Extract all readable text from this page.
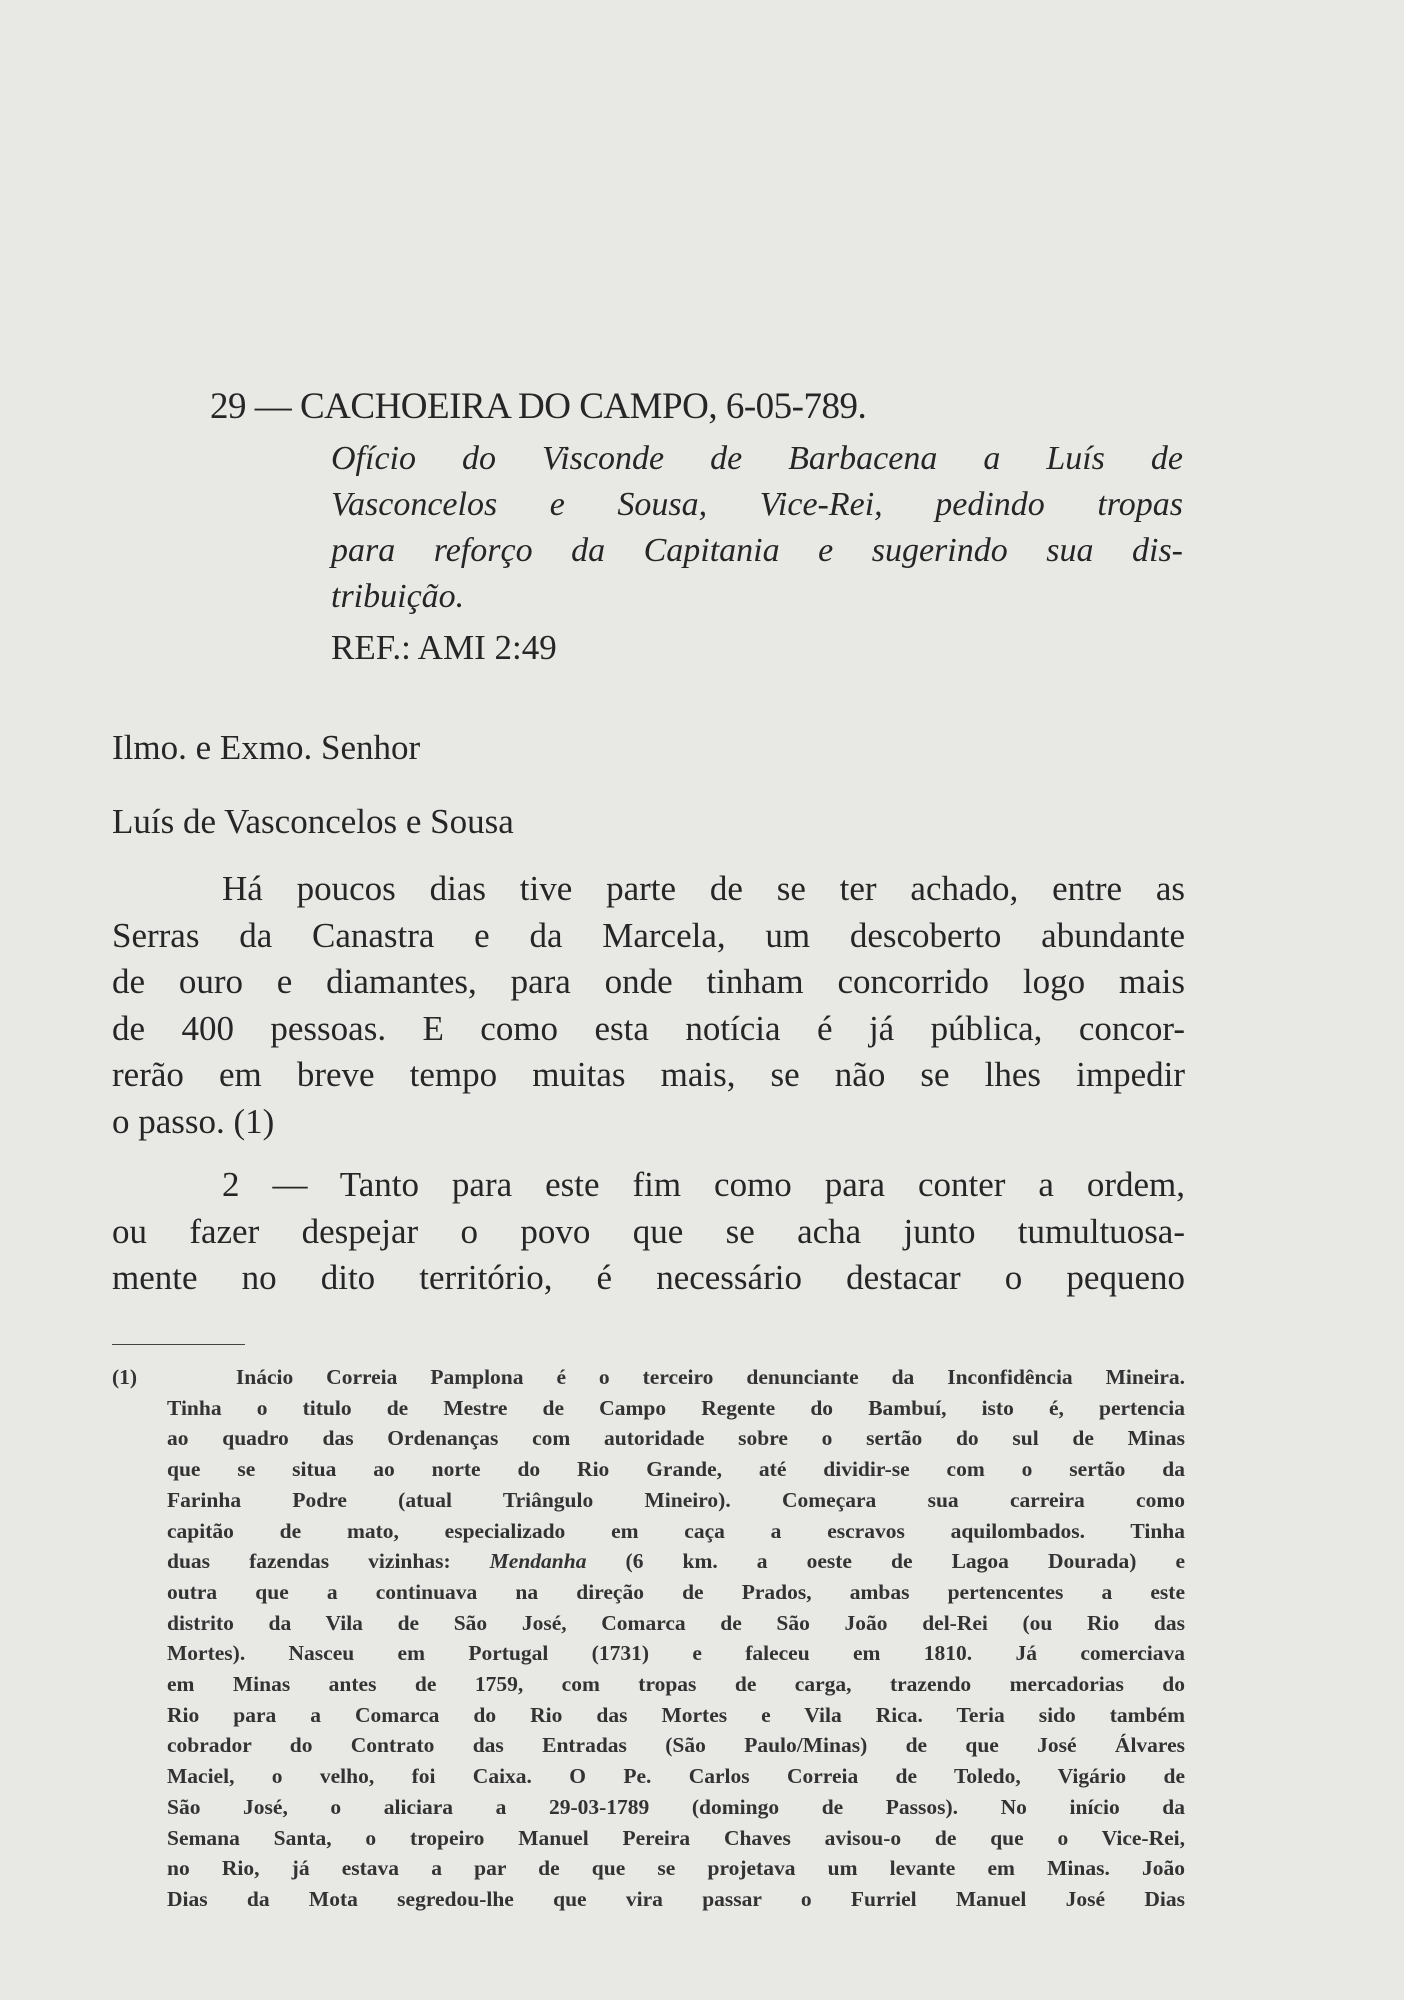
29 — CACHOEIRA DO CAMPO, 6-05-789.
Ofício do Visconde de Barbacena a Luís de
Vasconcelos e Sousa, Vice-Rei, pedindo tropas
para reforço da Capitania e sugerindo sua dis-
tribuição.
REF.: AMI 2:49
Ilmo. e Exmo. Senhor
Luís de Vasconcelos e Sousa
Há poucos dias tive parte de se ter achado, entre as
Serras da Canastra e da Marcela, um descoberto abundante
de ouro e diamantes, para onde tinham concorrido logo mais
de 400 pessoas. E como esta notícia é já pública, concor-
rerão em breve tempo muitas mais, se não se lhes impedir
o passo. (1)
2 — Tanto para este fim como para conter a ordem,
ou fazer despejar o povo que se acha junto tumultuosa-
mente no dito território, é necessário destacar o pequeno
(1)	Inácio Correia Pamplona é o terceiro denunciante da Inconfidência Mineira.
Tinha o titulo de Mestre de Campo Regente do Bambuí, isto é, pertencia
ao quadro das Ordenanças com autoridade sobre o sertão do sul de Minas
que se situa ao norte do Rio Grande, até dividir-se com o sertão da
Farinha Podre (atual Triângulo Mineiro). Começara sua carreira como
capitão de mato, especializado em caça a escravos aquilombados. Tinha
duas fazendas vizinhas: Mendanha (6 km. a oeste de Lagoa Dourada) e
outra que a continuava na direção de Prados, ambas pertencentes a este
distrito da Vila de São José, Comarca de São João del-Rei (ou Rio das
Mortes). Nasceu em Portugal (1731) e faleceu em 1810. Já comerciava
em Minas antes de 1759, com tropas de carga, trazendo mercadorias do
Rio para a Comarca do Rio das Mortes e Vila Rica. Teria sido também
cobrador do Contrato das Entradas (São Paulo/Minas) de que José Álvares
Maciel, o velho, foi Caixa. O Pe. Carlos Correia de Toledo, Vigário de
São José, o aliciara a 29-03-1789 (domingo de Passos). No início da
Semana Santa, o tropeiro Manuel Pereira Chaves avisou-o de que o Vice-Rei,
no Rio, já estava a par de que se projetava um levante em Minas. João
Dias da Mota segredou-lhe que vira passar o Furriel Manuel José Dias
